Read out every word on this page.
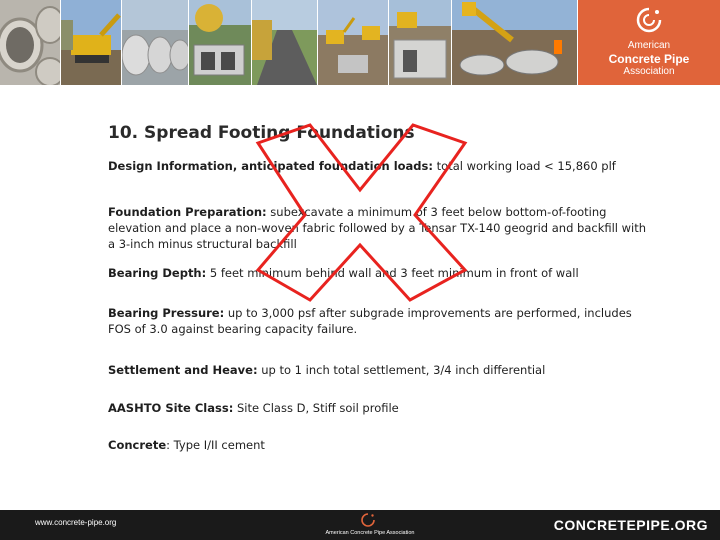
American
Concrete Pipe
Association
10. Spread Footing Foundations
Design Information, anticipated foundation loads: total working load < 15,860 plf
Foundation Preparation: subexcavate a minimum of 3 feet below bottom-of-footing elevation and place a non-woven fabric followed by a Tensar TX-140 geogrid and backfill with a 3-inch minus structural backfill
Bearing Depth: 5 feet minimum behind wall and 3 feet minimum in front of wall
Bearing Pressure: up to 3,000 psf after subgrade improvements are performed, includes FOS of 3.0 against bearing capacity failure.
Settlement and Heave: up to 1 inch total settlement, 3/4 inch differential
AASHTO Site Class: Site Class D, Stiff soil profile
Concrete: Type I/II cement
www.concrete-pipe.org
American Concrete Pipe Association	CONCRETEPIPE.ORG
